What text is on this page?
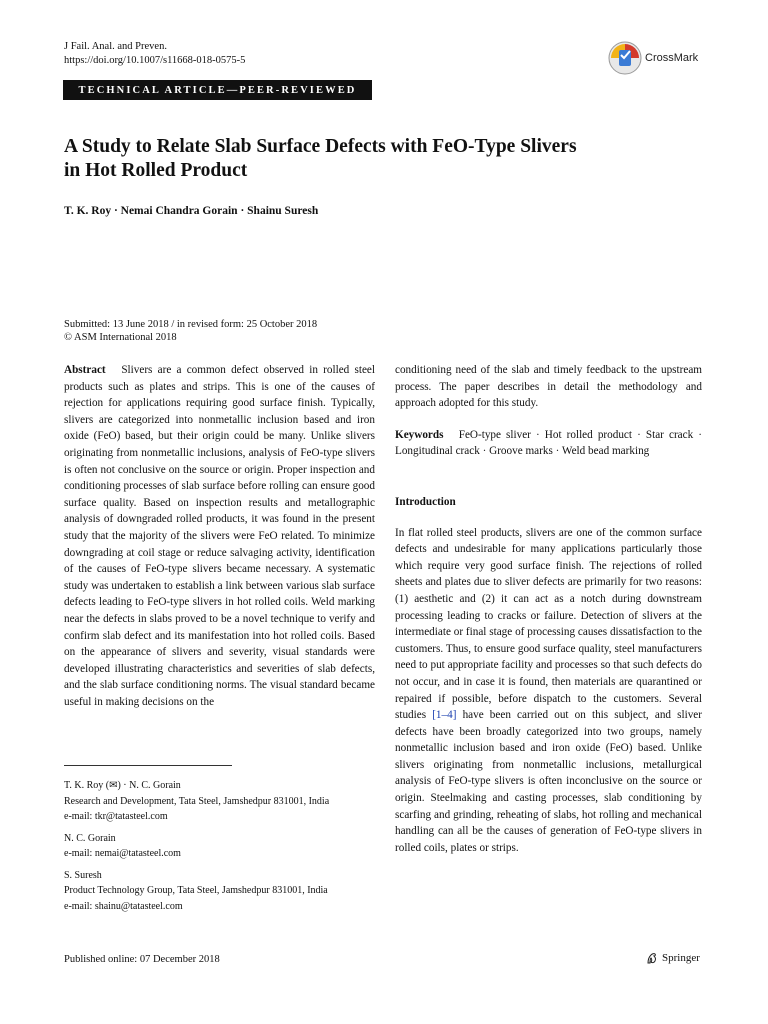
J Fail. Anal. and Preven.
https://doi.org/10.1007/s11668-018-0575-5	CrossMark
TECHNICAL ARTICLE—PEER-REVIEWED
A Study to Relate Slab Surface Defects with FeO-Type Slivers
in Hot Rolled Product
T. K. Roy · Nemai Chandra Gorain · Shainu Suresh
Submitted: 13 June 2018 / in revised form: 25 October 2018
© ASM International 2018
Abstract Slivers are a common defect observed in rolled steel products such as plates and strips. This is one of the causes of rejection for applications requiring good surface finish. Typically, slivers are categorized into nonmetallic inclusion based and iron oxide (FeO) based, but their origin could be many. Unlike slivers originating from nonmetallic inclusions, analysis of FeO-type slivers is often not conclusive on the source or origin. Proper inspection and conditioning processes of slab surface before rolling can ensure good surface quality. Based on inspection results and metallographic analysis of downgraded rolled products, it was found in the present study that the majority of the slivers were FeO related. To minimize downgrading at coil stage or reduce salvaging activity, identification of the causes of FeO-type slivers became necessary. A systematic study was undertaken to establish a link between various slab surface defects leading to FeO-type slivers in hot rolled coils. Weld marking near the defects in slabs proved to be a novel technique to verify and confirm slab defect and its manifestation into hot rolled coils. Based on the appearance of slivers and severity, visual standards were developed illustrating characteristics and severities of slab defects, and the slab surface conditioning norms. The visual standard became useful in making decisions on the
T. K. Roy (✉) · N. C. Gorain
Research and Development, Tata Steel, Jamshedpur 831001, India
e-mail: tkr@tatasteel.com
N. C. Gorain
e-mail: nemai@tatasteel.com
S. Suresh
Product Technology Group, Tata Steel, Jamshedpur 831001, India
e-mail: shainu@tatasteel.com
conditioning need of the slab and timely feedback to the upstream process. The paper describes in detail the methodology and approach adopted for this study.
Keywords FeO-type sliver · Hot rolled product · Star crack · Longitudinal crack · Groove marks · Weld bead marking
Introduction
In flat rolled steel products, slivers are one of the common surface defects and undesirable for many applications particularly those which require very good surface finish. The rejections of rolled sheets and plates due to sliver defects are primarily for two reasons: (1) aesthetic and (2) it can act as a notch during downstream processing leading to cracks or failure. Detection of slivers at the intermediate or final stage of processing causes dissatisfaction to the customers. Thus, to ensure good surface quality, steel manufacturers need to put appropriate facility and processes so that such defects do not occur, and in case it is found, then materials are quarantined or repaired if possible, before dispatch to the customers. Several studies [1–4] have been carried out on this subject, and sliver defects have been broadly categorized into two groups, namely nonmetallic inclusion based and iron oxide (FeO) based. Unlike slivers originating from nonmetallic inclusions, metallurgical analysis of FeO-type slivers is often inconclusive on the source or origin. Steelmaking and casting processes, slab conditioning by scarfing and grinding, reheating of slabs, hot rolling and mechanical handling can all be the causes of generation of FeO-type slivers in rolled coils, plates or strips.
Published online: 07 December 2018	Springer
